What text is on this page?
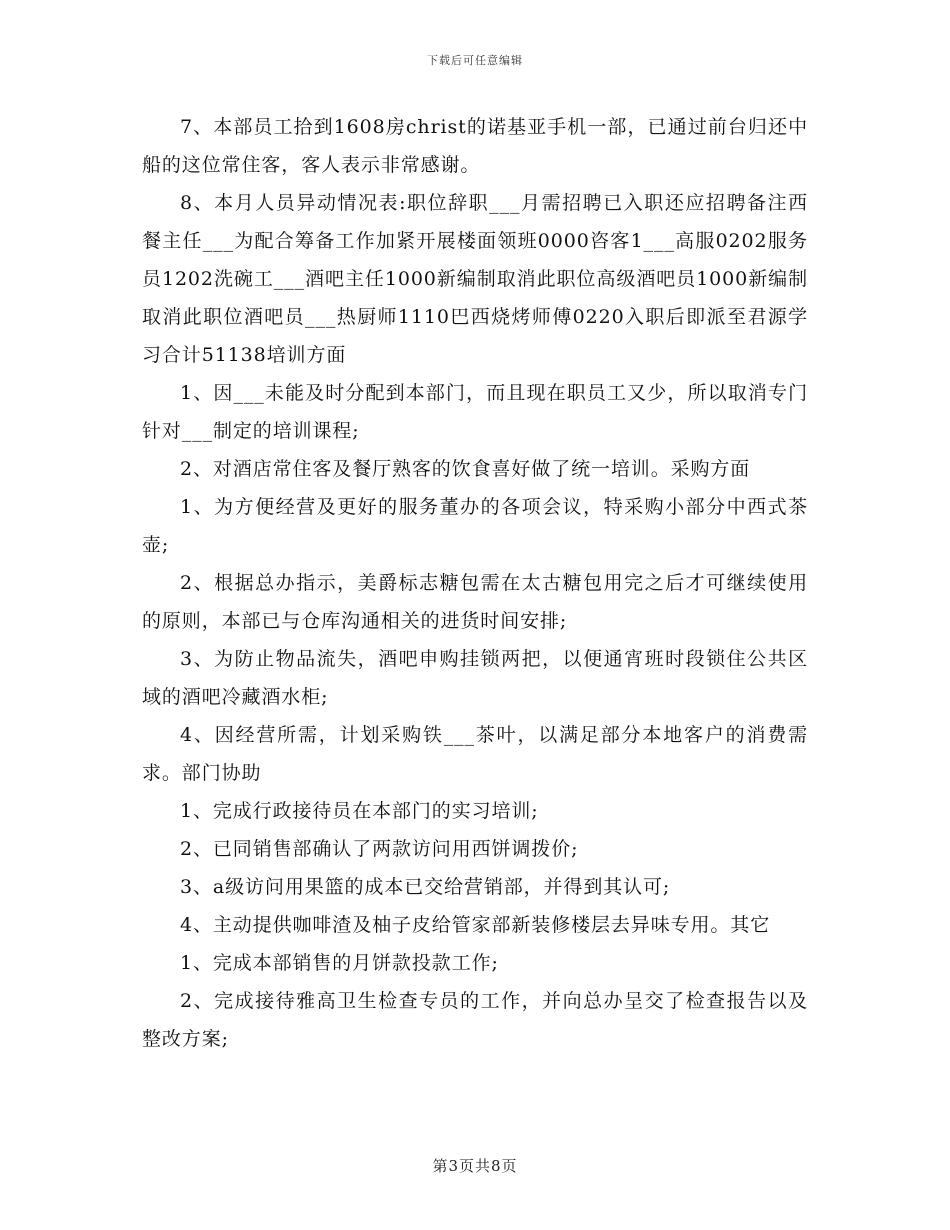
下载后可任意编辑

7、本部员工拾到1608房christ的诺基亚手机一部，已通过前台归还中船的这位常住客，客人表示非常感谢。

8、本月人员异动情况表:职位辞职___月需招聘已入职还应招聘备注西餐主任___为配合筹备工作加紧开展楼面领班0000咨客1___高服0202服务员1202洗碗工___酒吧主任1000新编制取消此职位高级酒吧员1000新编制取消此职位酒吧员___热厨师1110巴西烧烤师傅0220入职后即派至君源学习合计51138培训方面

1、因___未能及时分配到本部门，而且现在职员工又少，所以取消专门针对___制定的培训课程;

2、对酒店常住客及餐厅熟客的饮食喜好做了统一培训。采购方面

1、为方便经营及更好的服务董办的各项会议，特采购小部分中西式茶壶;

2、根据总办指示，美爵标志糖包需在太古糖包用完之后才可继续使用的原则，本部已与仓库沟通相关的进货时间安排;

3、为防止物品流失，酒吧申购挂锁两把，以便通宵班时段锁住公共区域的酒吧冷藏酒水柜;

4、因经营所需，计划采购铁___茶叶，以满足部分本地客户的消费需求。部门协助

1、完成行政接待员在本部门的实习培训;

2、已同销售部确认了两款访问用西饼调拨价;

3、a级访问用果篮的成本已交给营销部，并得到其认可;

4、主动提供咖啡渣及柚子皮给管家部新装修楼层去异味专用。其它

1、完成本部销售的月饼款投款工作;

2、完成接待雅高卫生检查专员的工作，并向总办呈交了检查报告以及整改方案;

第3页共8页
